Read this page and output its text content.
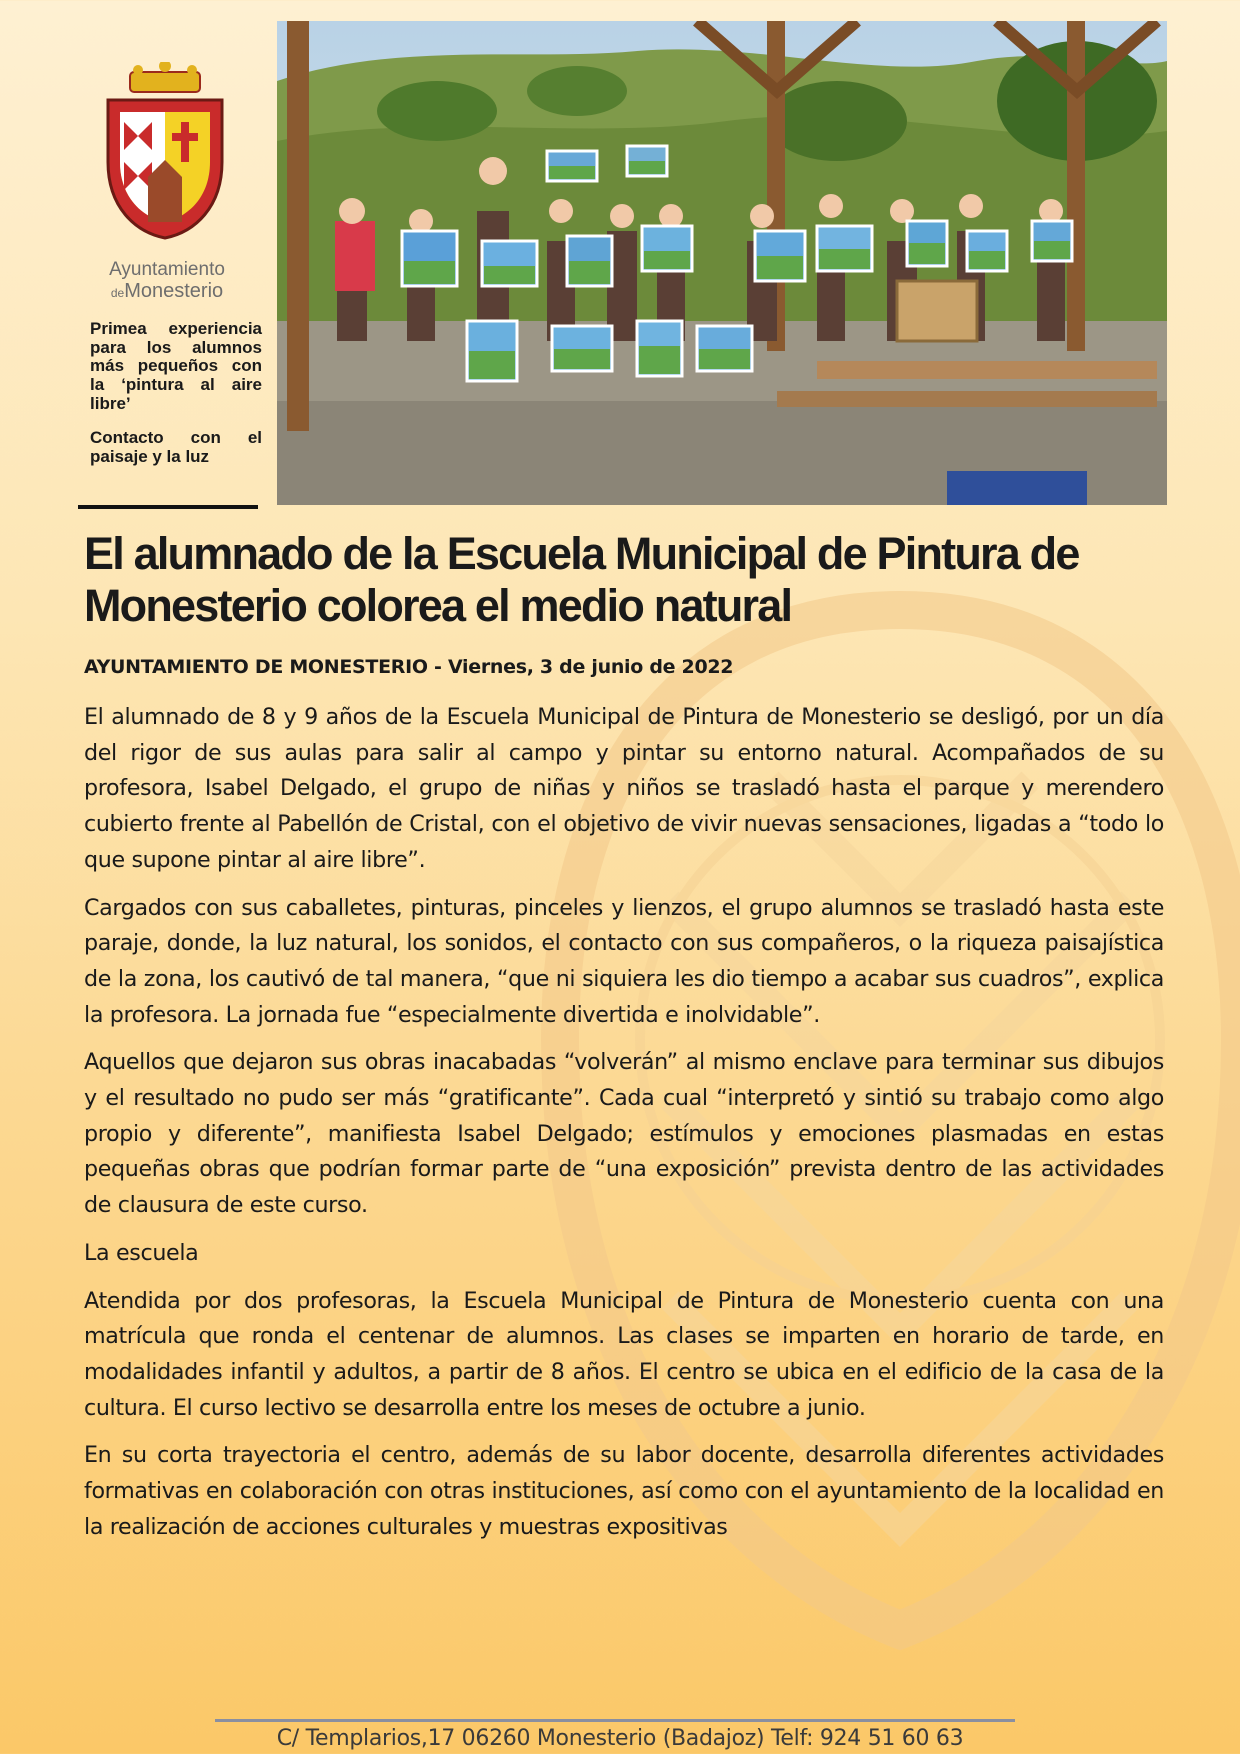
Ayuntamiento
deMonesterio

Primea experiencia para los alumnos más pequeños con la ‘pintura al aire libre’

Contacto con el paisaje y la luz

El alumnado de la Escuela Municipal de Pintura de Monesterio colorea el medio natural
AYUNTAMIENTO DE MONESTERIO - Viernes, 3 de junio de 2022

El alumnado de 8 y 9 años de la Escuela Municipal de Pintura de Monesterio se desligó, por un día del rigor de sus aulas para salir al campo y pintar su entorno natural. Acompañados de su profesora, Isabel Delgado, el grupo de niñas y niños se trasladó hasta el parque y merendero cubierto frente al Pabellón de Cristal, con el objetivo de vivir nuevas sensaciones, ligadas a “todo lo que supone pintar al aire libre”.

Cargados con sus caballetes, pinturas, pinceles y lienzos, el grupo alumnos se trasladó hasta este paraje, donde, la luz natural, los sonidos, el contacto con sus compañeros, o la riqueza paisajística de la zona, los cautivó de tal manera, “que ni siquiera les dio tiempo a acabar sus cuadros”, explica la profesora. La jornada fue “especialmente divertida e inolvidable”.

Aquellos que dejaron sus obras inacabadas “volverán” al mismo enclave para terminar sus dibujos y el resultado no pudo ser más “gratificante”. Cada cual “interpretó y sintió su trabajo como algo propio y diferente”, manifiesta Isabel Delgado; estímulos y emociones plasmadas en estas pequeñas obras que podrían formar parte de “una exposición” prevista dentro de las actividades de clausura de este curso.

La escuela

Atendida por dos profesoras, la Escuela Municipal de Pintura de Monesterio cuenta con una matrícula que ronda el centenar de alumnos. Las clases se imparten en horario de tarde, en modalidades infantil y adultos, a partir de 8 años. El centro se ubica en el edificio de la casa de la cultura. El curso lectivo se desarrolla entre los meses de octubre a junio.

En su corta trayectoria el centro, además de su labor docente, desarrolla diferentes actividades formativas en colaboración con otras instituciones, así como con el ayuntamiento de la localidad en la realización de acciones culturales y muestras expositivas

C/ Templarios,17 06260 Monesterio (Badajoz) Telf: 924 51 60 63
